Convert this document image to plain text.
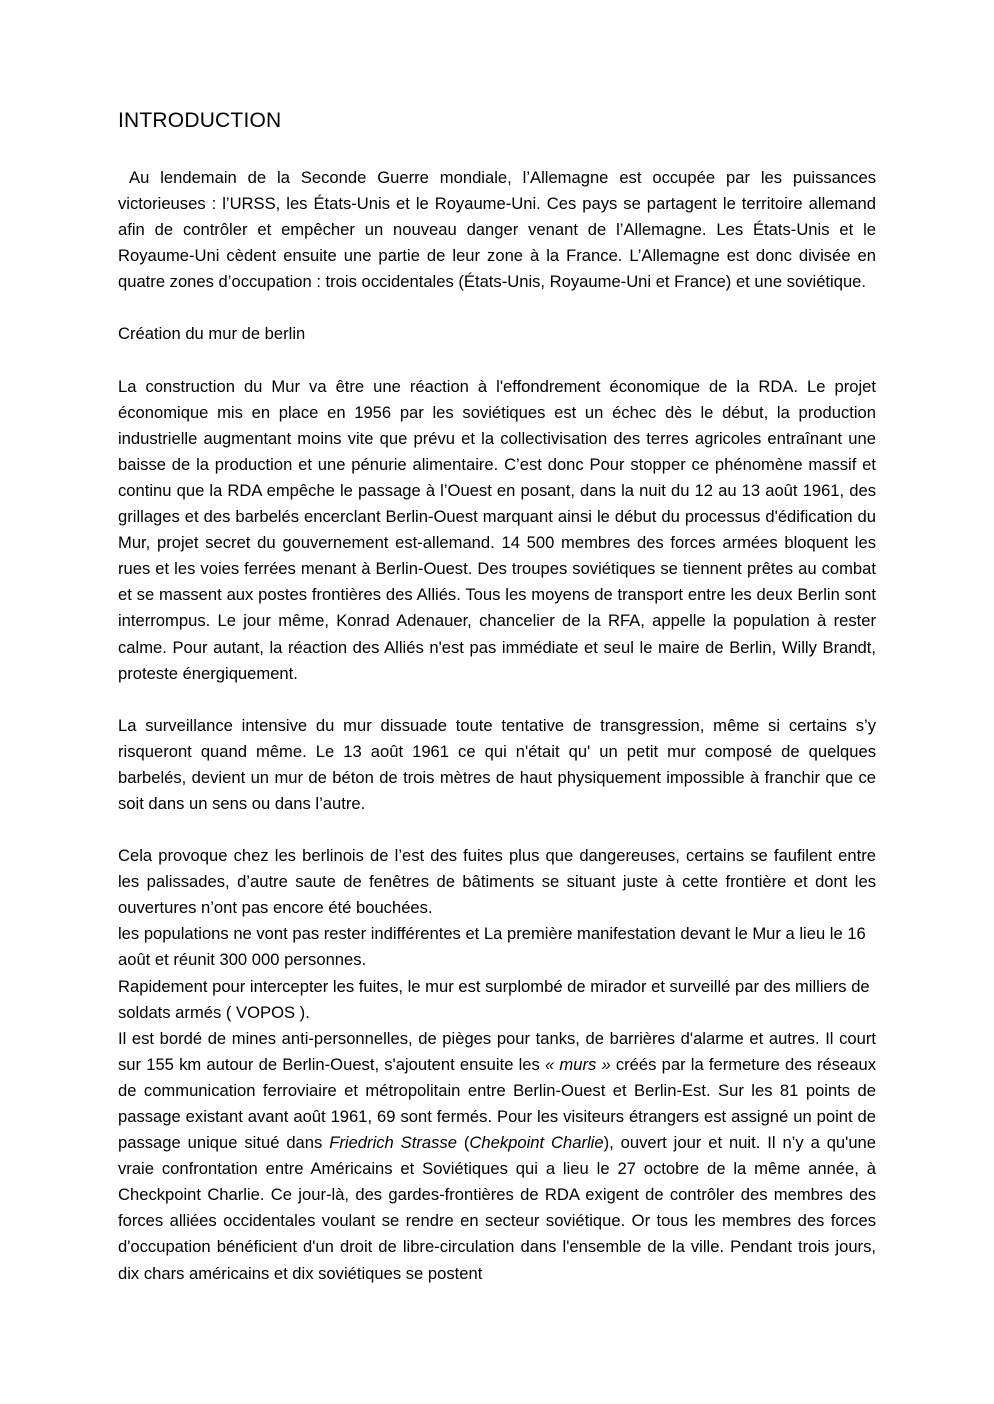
INTRODUCTION

Au lendemain de la Seconde Guerre mondiale, l’Allemagne est occupée par les puissances victorieuses : l’URSS, les États-Unis et le Royaume-Uni. Ces pays se partagent le territoire allemand afin de contrôler et empêcher un nouveau danger venant de l’Allemagne. Les États-Unis et le Royaume-Uni cèdent ensuite une partie de leur zone à la France. L’Allemagne est donc divisée en quatre zones d’occupation : trois occidentales (États-Unis, Royaume-Uni et France) et une soviétique.

Création du mur de berlin

La construction du Mur va être une réaction à l'effondrement économique de la RDA. Le projet économique mis en place en 1956 par les soviétiques est un échec dès le début, la production industrielle augmentant moins vite que prévu et la collectivisation des terres agricoles entraînant une baisse de la production et une pénurie alimentaire. C’est donc Pour stopper ce phénomène massif et continu que la RDA empêche le passage à l’Ouest en posant, dans la nuit du 12 au 13 août 1961, des grillages et des barbelés encerclant Berlin-Ouest marquant ainsi le début du processus d'édification du Mur, projet secret du gouvernement est-allemand. 14 500 membres des forces armées bloquent les rues et les voies ferrées menant à Berlin-Ouest. Des troupes soviétiques se tiennent prêtes au combat et se massent aux postes frontières des Alliés. Tous les moyens de transport entre les deux Berlin sont interrompus. Le jour même, Konrad Adenauer, chancelier de la RFA, appelle la population à rester calme. Pour autant, la réaction des Alliés n'est pas immédiate et seul le maire de Berlin, Willy Brandt, proteste énergiquement.

La surveillance intensive du mur dissuade toute tentative de transgression, même si certains s’y risqueront quand même. Le 13 août 1961 ce qui n'était qu' un petit mur composé de quelques barbelés, devient un mur de béton de trois mètres de haut physiquement impossible à franchir que ce soit dans un sens ou dans l’autre.

Cela provoque chez les berlinois de l’est des fuites plus que dangereuses, certains se faufilent entre les palissades, d’autre saute de fenêtres de bâtiments se situant juste à cette frontière et dont les ouvertures n’ont pas encore été bouchées.

les populations ne vont pas rester indifférentes et La première manifestation devant le Mur a lieu le 16 août et réunit 300 000 personnes.

Rapidement pour intercepter les fuites, le mur est surplombé de mirador et surveillé par des milliers de soldats armés ( VOPOS ).

Il est bordé de mines anti-personnelles, de pièges pour tanks, de barrières d'alarme et autres. Il court sur 155 km autour de Berlin-Ouest, s'ajoutent ensuite les « murs » créés par la fermeture des réseaux de communication ferroviaire et métropolitain entre Berlin-Ouest et Berlin-Est. Sur les 81 points de passage existant avant août 1961, 69 sont fermés. Pour les visiteurs étrangers est assigné un point de passage unique situé dans Friedrich Strasse (Chekpoint Charlie), ouvert jour et nuit. Il n’y a qu'une vraie confrontation entre Américains et Soviétiques qui a lieu le 27 octobre de la même année, à Checkpoint Charlie. Ce jour-là, des gardes-frontières de RDA exigent de contrôler des membres des forces alliées occidentales voulant se rendre en secteur soviétique. Or tous les membres des forces d'occupation bénéficient d'un droit de libre-circulation dans l'ensemble de la ville. Pendant trois jours, dix chars américains et dix soviétiques se postent
